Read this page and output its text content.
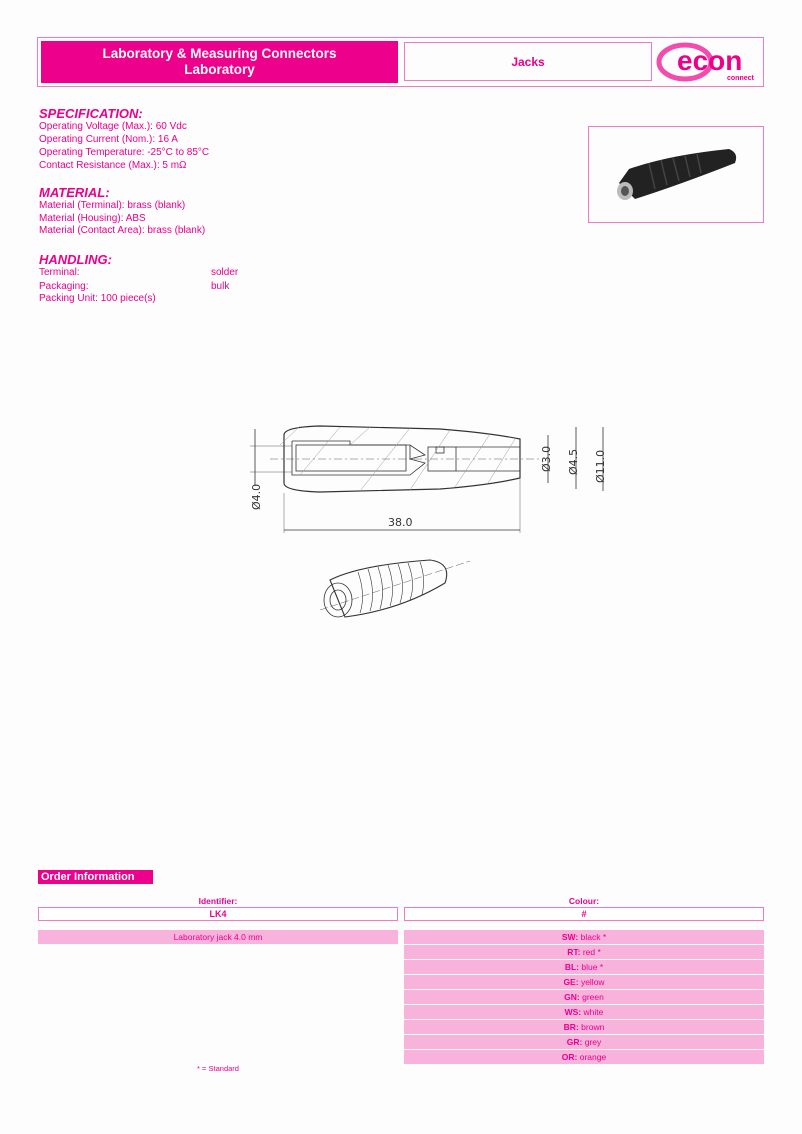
Laboratory & Measuring Connectors
Laboratory
Jacks	econ
connect
SPECIFICATION:
Operating Voltage (Max.): 60 Vdc
Operating Current (Nom.): 16 A
Operating Temperature: -25°C to 85°C
Contact Resistance (Max.): 5 mΩ
MATERIAL:
Material (Terminal): brass (blank)
Material (Housing): ABS
Material (Contact Area): brass (blank)
HANDLING:
Terminal:	solder
Packaging:	bulk
Packing Unit: 100 piece(s)
Ø4.0
38.0
Ø3.0 Ø4.5 Ø11.0
Order Information
Identifier:	Colour:
LK4	#
Laboratory jack 4.0 mm	SW: black *
RT: red *
BL: blue *
GE: yellow
GN: green
WS: white
BR: brown
GR: grey
OR: orange
* = Standard
